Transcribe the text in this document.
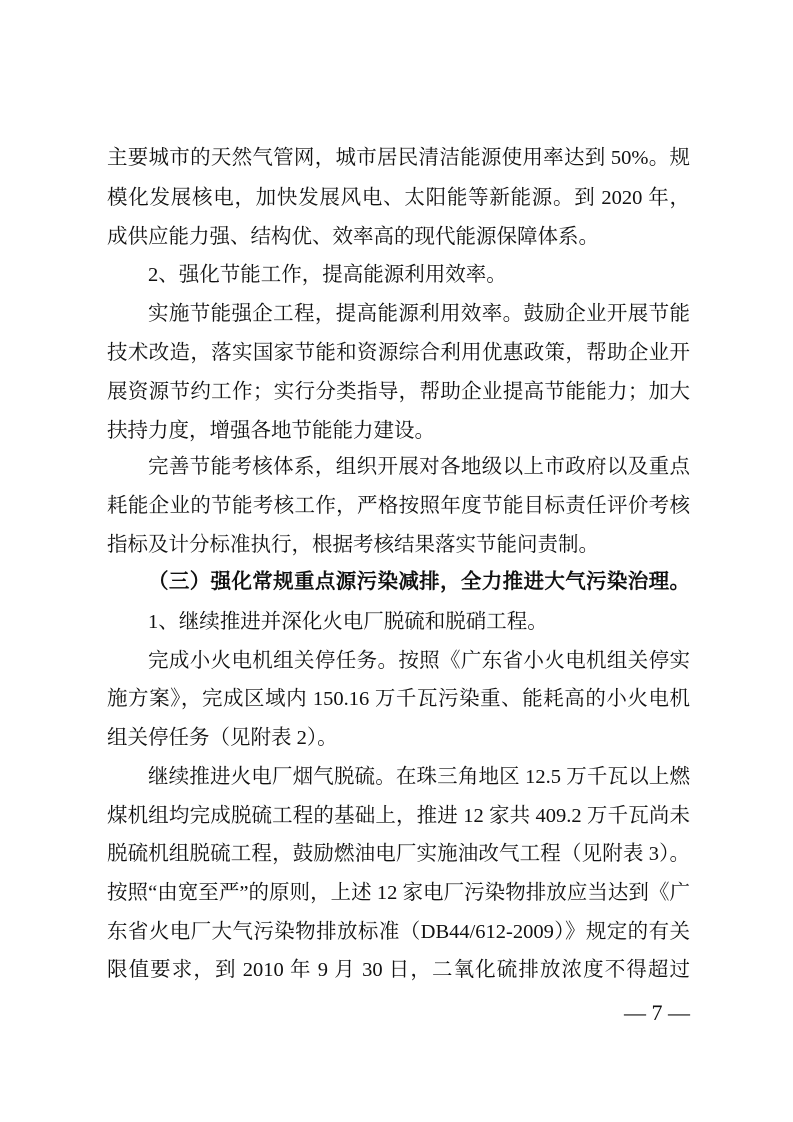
主要城市的天然气管网，城市居民清洁能源使用率达到 50%。规
模化发展核电，加快发展风电、太阳能等新能源。到 2020 年，
成供应能力强、结构优、效率高的现代能源保障体系。
2、强化节能工作，提高能源利用效率。
实施节能强企工程，提高能源利用效率。鼓励企业开展节能
技术改造，落实国家节能和资源综合利用优惠政策，帮助企业开
展资源节约工作；实行分类指导，帮助企业提高节能能力；加大
扶持力度，增强各地节能能力建设。
完善节能考核体系，组织开展对各地级以上市政府以及重点
耗能企业的节能考核工作，严格按照年度节能目标责任评价考核
指标及计分标准执行，根据考核结果落实节能问责制。
（三）强化常规重点源污染减排，全力推进大气污染治理。
1、继续推进并深化火电厂脱硫和脱硝工程。
完成小火电机组关停任务。按照《广东省小火电机组关停实
施方案》，完成区域内 150.16 万千瓦污染重、能耗高的小火电机
组关停任务（见附表 2）。
继续推进火电厂烟气脱硫。在珠三角地区 12.5 万千瓦以上燃
煤机组均完成脱硫工程的基础上，推进 12 家共 409.2 万千瓦尚未
脱硫机组脱硫工程，鼓励燃油电厂实施油改气工程（见附表 3）。
按照“由宽至严”的原则，上述 12 家电厂污染物排放应当达到《广
东省火电厂大气污染物排放标准（DB44/612-2009）》规定的有关
限值要求，到 2010 年 9 月 30 日，二氧化硫排放浓度不得超过
— 7 —
